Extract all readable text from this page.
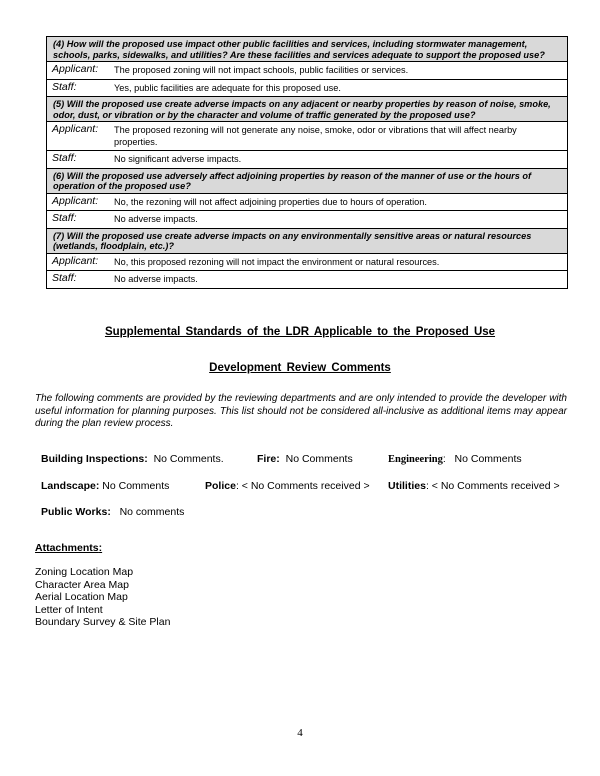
(4) How will the proposed use impact other public facilities and services, including stormwater management, schools, parks, sidewalks, and utilities? Are these facilities and services adequate to support the proposed use?
Applicant:	The proposed zoning will not impact schools, public facilities or services.
Staff:	Yes, public facilities are adequate for this proposed use.
(5) Will the proposed use create adverse impacts on any adjacent or nearby properties by reason of noise, smoke, odor, dust, or vibration or by the character and volume of traffic generated by the proposed use?
Applicant:	The proposed rezoning will not generate any noise, smoke, odor or vibrations that will affect nearby properties.
Staff:	No significant adverse impacts.
(6) Will the proposed use adversely affect adjoining properties by reason of the manner of use or the hours of operation of the proposed use?
Applicant:	No, the rezoning will not affect adjoining properties due to hours of operation.
Staff:	No adverse impacts.
(7) Will the proposed use create adverse impacts on any environmentally sensitive areas or natural resources (wetlands, floodplain, etc.)?
Applicant:	No, this proposed rezoning will not impact the environment or natural resources.
Staff:	No adverse impacts.
Supplemental Standards of the LDR Applicable to the Proposed Use
Development Review Comments
The following comments are provided by the reviewing departments and are only intended to provide the developer with useful information for planning purposes. This list should not be considered all-inclusive as additional items may appear during the plan review process.
Building Inspections: No Comments.	Fire: No Comments	Engineering:   No Comments
Landscape: No Comments	Police: < No Comments received > Utilities: < No Comments received >
Public Works: No comments
Attachments:
Zoning Location Map
Character Area Map
Aerial Location Map
Letter of Intent
Boundary Survey & Site Plan
4
